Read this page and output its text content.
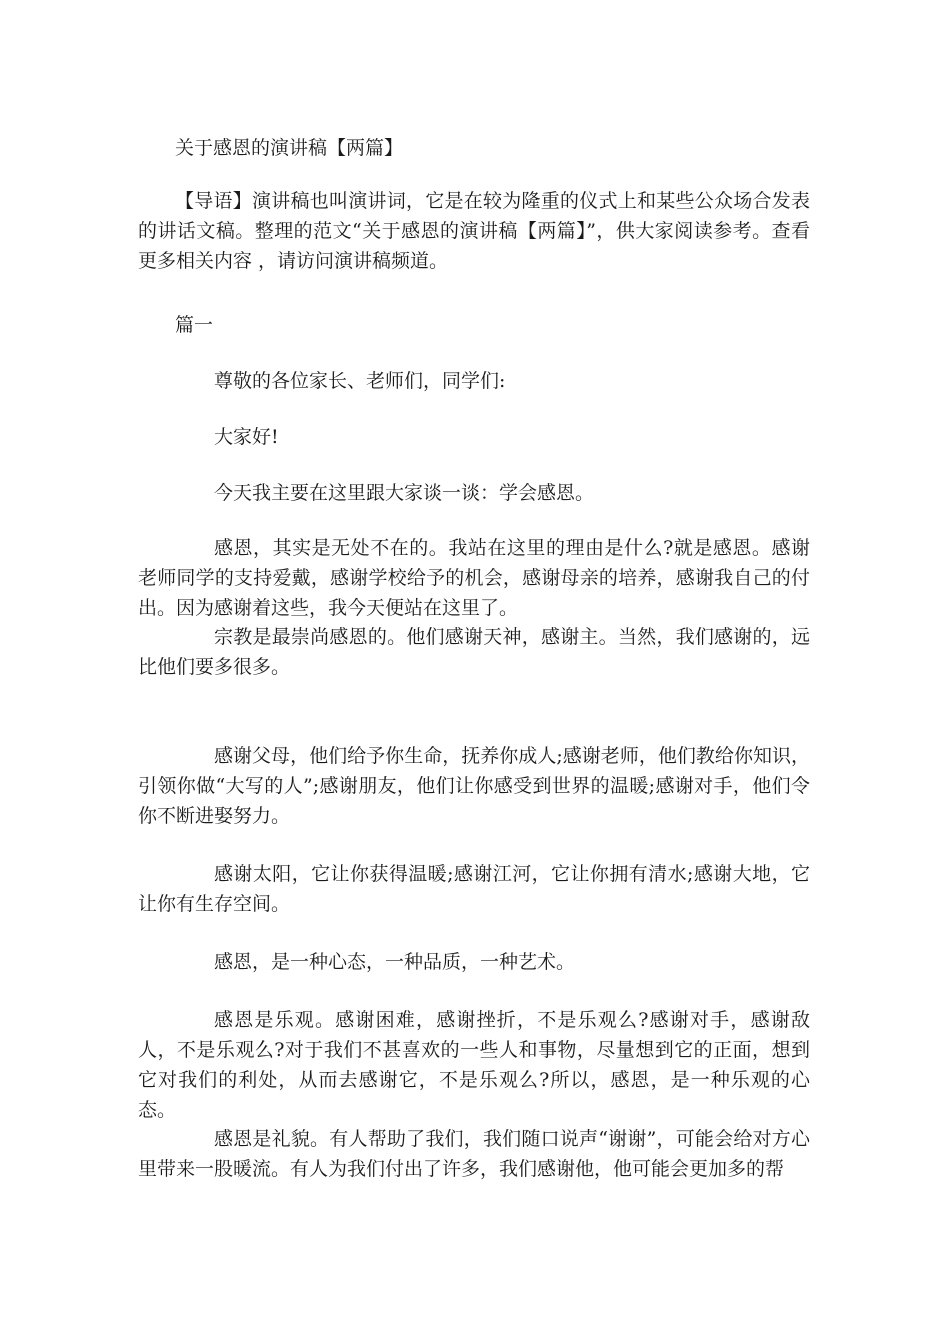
关于感恩的演讲稿【两篇】
【导语】演讲稿也叫演讲词，它是在较为隆重的仪式上和某些公众场合发表的讲话文稿。整理的范文“关于感恩的演讲稿【两篇】”，供大家阅读参考。查看更多相关内容 ，请访问演讲稿频道。
篇一
尊敬的各位家长、老师们，同学们:
大家好!
今天我主要在这里跟大家谈一谈：学会感恩。
感恩，其实是无处不在的。我站在这里的理由是什么?就是感恩。感谢老师同学的支持爱戴，感谢学校给予的机会，感谢母亲的培养，感谢我自己的付出。因为感谢着这些，我今天便站在这里了。
宗教是最崇尚感恩的。他们感谢天神，感谢主。当然，我们感谢的，远比他们要多很多。
感谢父母，他们给予你生命，抚养你成人;感谢老师，他们教给你知识，引领你做“大写的人”;感谢朋友，他们让你感受到世界的温暖;感谢对手，他们令你不断进娶努力。
感谢太阳，它让你获得温暖;感谢江河，它让你拥有清水;感谢大地，它让你有生存空间。
感恩，是一种心态，一种品质，一种艺术。
感恩是乐观。感谢困难，感谢挫折，不是乐观么?感谢对手，感谢敌人，不是乐观么?对于我们不甚喜欢的一些人和事物，尽量想到它的正面，想到它对我们的利处，从而去感谢它，不是乐观么?所以，感恩，是一种乐观的心态。
感恩是礼貌。有人帮助了我们，我们随口说声“谢谢”，可能会给对方心里带来一股暖流。有人为我们付出了许多，我们感谢他，他可能会更加多的帮
